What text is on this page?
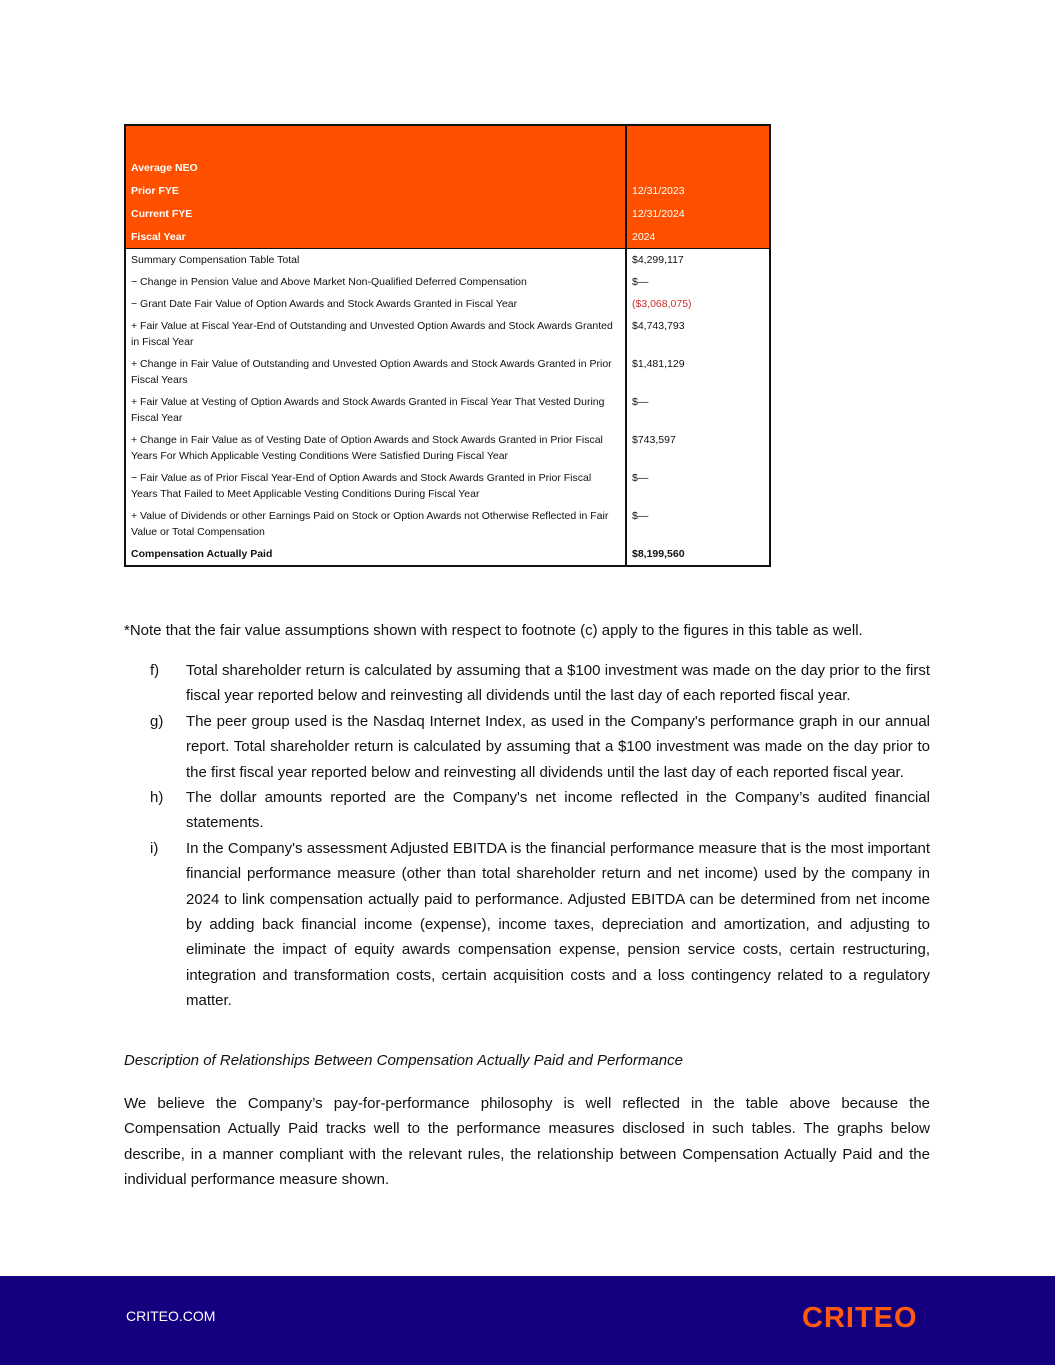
Average NEO	
Prior FYE	12/31/2023
Current FYE	12/31/2024
Fiscal Year	2024
Summary Compensation Table Total	$4,299,117
− Change in Pension Value and Above Market Non-Qualified Deferred Compensation	$—
− Grant Date Fair Value of Option Awards and Stock Awards Granted in Fiscal Year	($3,068,075)
+ Fair Value at Fiscal Year-End of Outstanding and Unvested Option Awards and Stock Awards Granted in Fiscal Year	$4,743,793
+ Change in Fair Value of Outstanding and Unvested Option Awards and Stock Awards Granted in Prior Fiscal Years	$1,481,129
+ Fair Value at Vesting of Option Awards and Stock Awards Granted in Fiscal Year That Vested During Fiscal Year	$—
+ Change in Fair Value as of Vesting Date of Option Awards and Stock Awards Granted in Prior Fiscal Years For Which Applicable Vesting Conditions Were Satisfied During Fiscal Year	$743,597
− Fair Value as of Prior Fiscal Year-End of Option Awards and Stock Awards Granted in Prior Fiscal Years That Failed to Meet Applicable Vesting Conditions During Fiscal Year	$—
+ Value of Dividends or other Earnings Paid on Stock or Option Awards not Otherwise Reflected in Fair Value or Total Compensation	$—
Compensation Actually Paid	$8,199,560
*Note that the fair value assumptions shown with respect to footnote (c) apply to the figures in this table as well.
f)	Total shareholder return is calculated by assuming that a $100 investment was made on the day prior to the first fiscal year reported below and reinvesting all dividends until the last day of each reported fiscal year.
g)	The peer group used is the Nasdaq Internet Index, as used in the Company's performance graph in our annual report. Total shareholder return is calculated by assuming that a $100 investment was made on the day prior to the first fiscal year reported below and reinvesting all dividends until the last day of each reported fiscal year.
h)	The dollar amounts reported are the Company's net income reflected in the Company’s audited financial statements.
i)	In the Company's assessment Adjusted EBITDA is the financial performance measure that is the most important financial performance measure (other than total shareholder return and net income) used by the company in 2024 to link compensation actually paid to performance. Adjusted EBITDA can be determined from net income by adding back financial income (expense), income taxes, depreciation and amortization, and adjusting to eliminate the impact of equity awards compensation expense, pension service costs, certain restructuring, integration and transformation costs, certain acquisition costs and a loss contingency related to a regulatory matter.
Description of Relationships Between Compensation Actually Paid and Performance
We believe the Company’s pay-for-performance philosophy is well reflected in the table above because the Compensation Actually Paid tracks well to the performance measures disclosed in such tables. The graphs below describe, in a manner compliant with the relevant rules, the relationship between Compensation Actually Paid and the individual performance measure shown.
CRITEO.COM	CRITEO
